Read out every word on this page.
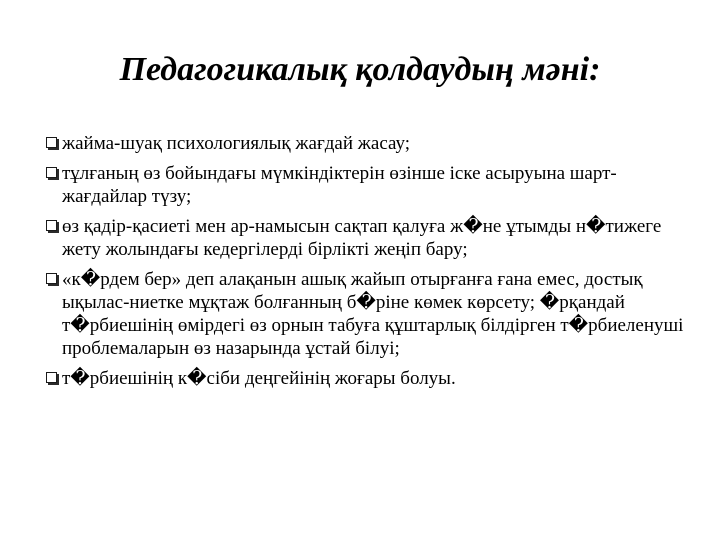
Педагогикалық қолдаудың мәні:
жайма-шуақ психологиялық жағдай жасау;
тұлғаның өз бойындағы мүмкіндіктерін өзінше іске асыруына шарт-жағдайлар түзу;
өз қадір-қасиеті мен ар-намысын сақтап қалуға ж�не ұтымды н�тижеге жету жолындағы кедергілерді бірлікті жеңіп бару;
«к�рдем бер» деп алақанын ашық жайып отырғанға ғана емес, достық ықылас-ниетке мұқтаж болғанның б�ріне көмек көрсету; �рқандай т�рбиешінің өмірдегі өз орнын табуға құштарлық білдірген т�рбиеленуші проблемаларын өз назарында ұстай білуі;
т�рбиешінің к�сіби деңгейінің жоғары болуы.
